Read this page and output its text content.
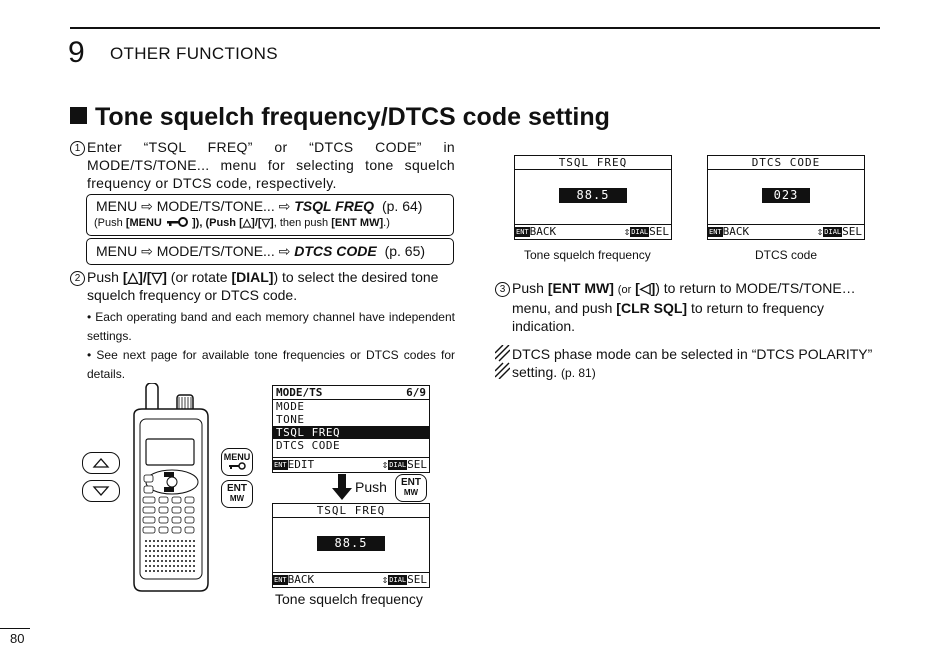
9 OTHER FUNCTIONS
Tone squelch frequency/DTCS code setting
1 Enter “TSQL FREQ” or “DTCS CODE” in MODE/TS/TONE... menu for selecting tone squelch frequency or DTCS code, respectively.
MENU ⇨ MODE/TS/TONE... ⇨ TSQL FREQ (p. 64)
(Push [MENU	]), (Push [△]/[▽], then push [ENT MW].)
MENU ⇨ MODE/TS/TONE... ⇨ DTCS CODE (p. 65)
2 Push [△]/[▽] (or rotate [DIAL]) to select the desired tone squelch frequency or DTCS code.
• Each operating band and each memory channel have independent settings.
• See next page for available tone frequencies or DTCS codes for details.
TSQL FREQ
88.5
ENTBACK	⇕DIALSEL
Tone squelch frequency
DTCS CODE
023
ENTBACK	⇕DIALSEL
DTCS code
3 Push [ENT MW] (or [◁]) to return to MODE/TS/TONE… menu, and push [CLR SQL] to return to frequency indication.
DTCS phase mode can be selected in “DTCS POLARITY” setting. (p. 81)
MENU
ENT
MW
MODE/TS	6/9
MODE
TONE
TSQL FREQ
DTCS CODE
ENTEDIT	⇕DIALSEL
Push	ENT
MW
TSQL FREQ
88.5
ENTBACK	⇕DIALSEL
Tone squelch frequency
80
